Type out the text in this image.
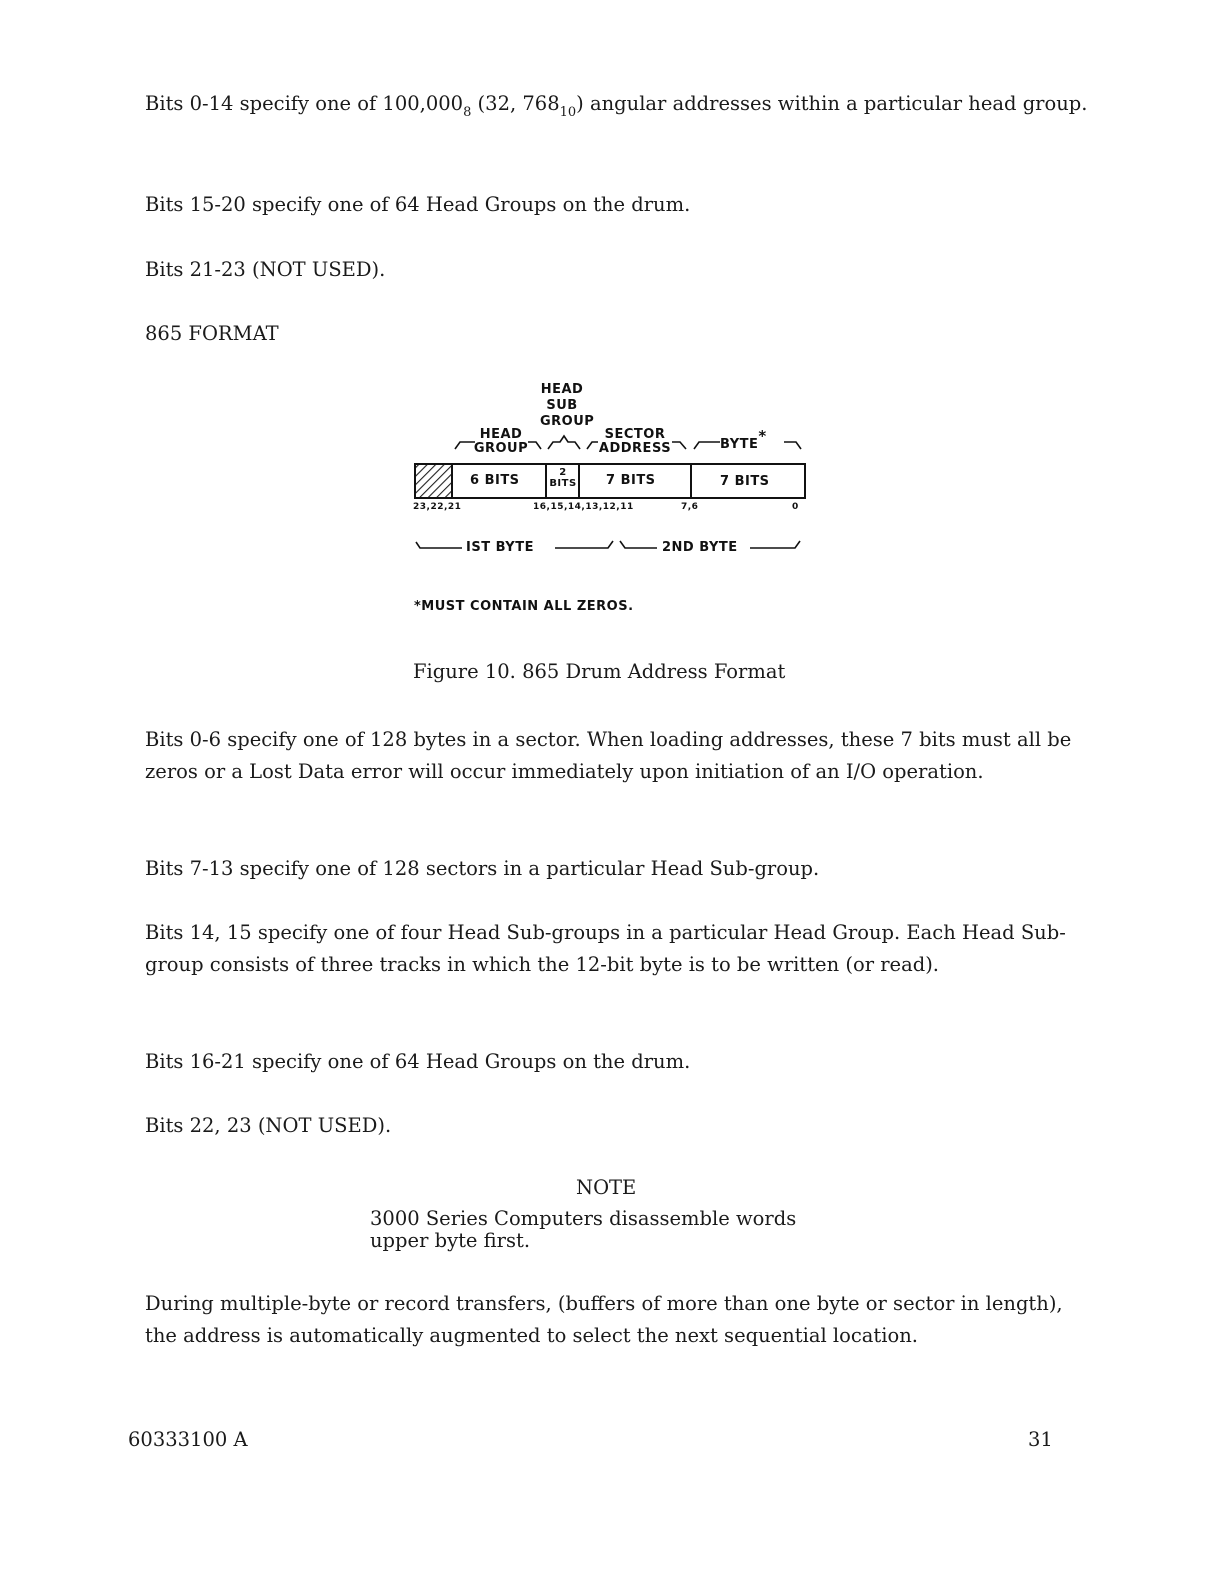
Bits 0-14 specify one of $100,000_8$ (32, $768_{10}$) angular addresses within a particular head group.

Bits 15-20 specify one of 64 Head Groups on the drum.

Bits 21-23 (NOT USED).

865 FORMAT

HEAD
SUB
GROUP
HEAD
GROUP
SECTOR
ADDRESS	BYTE*
6 BITS
2
BITS 7 BITS	7 BITS
23,22,21	16,15,14,13,12,11	7,6	0
IST BYTE	2ND BYTE
*MUST CONTAIN ALL ZEROS.
Figure 10. 865 Drum Address Format

Bits 0-6 specify one of 128 bytes in a sector. When loading addresses, these 7 bits must all be zeros or a Lost Data error will occur immediately upon initiation of an I/O operation.

Bits 7-13 specify one of 128 sectors in a particular Head Sub-group.

Bits 14, 15 specify one of four Head Sub-groups in a particular Head Group. Each Head Sub-group consists of three tracks in which the 12-bit byte is to be written (or read).

Bits 16-21 specify one of 64 Head Groups on the drum.

Bits 22, 23 (NOT USED).

NOTE
3000 Series Computers disassemble words
upper byte first.

During multiple-byte or record transfers, (buffers of more than one byte or sector in length), the address is automatically augmented to select the next sequential location.

60333100 A	31
